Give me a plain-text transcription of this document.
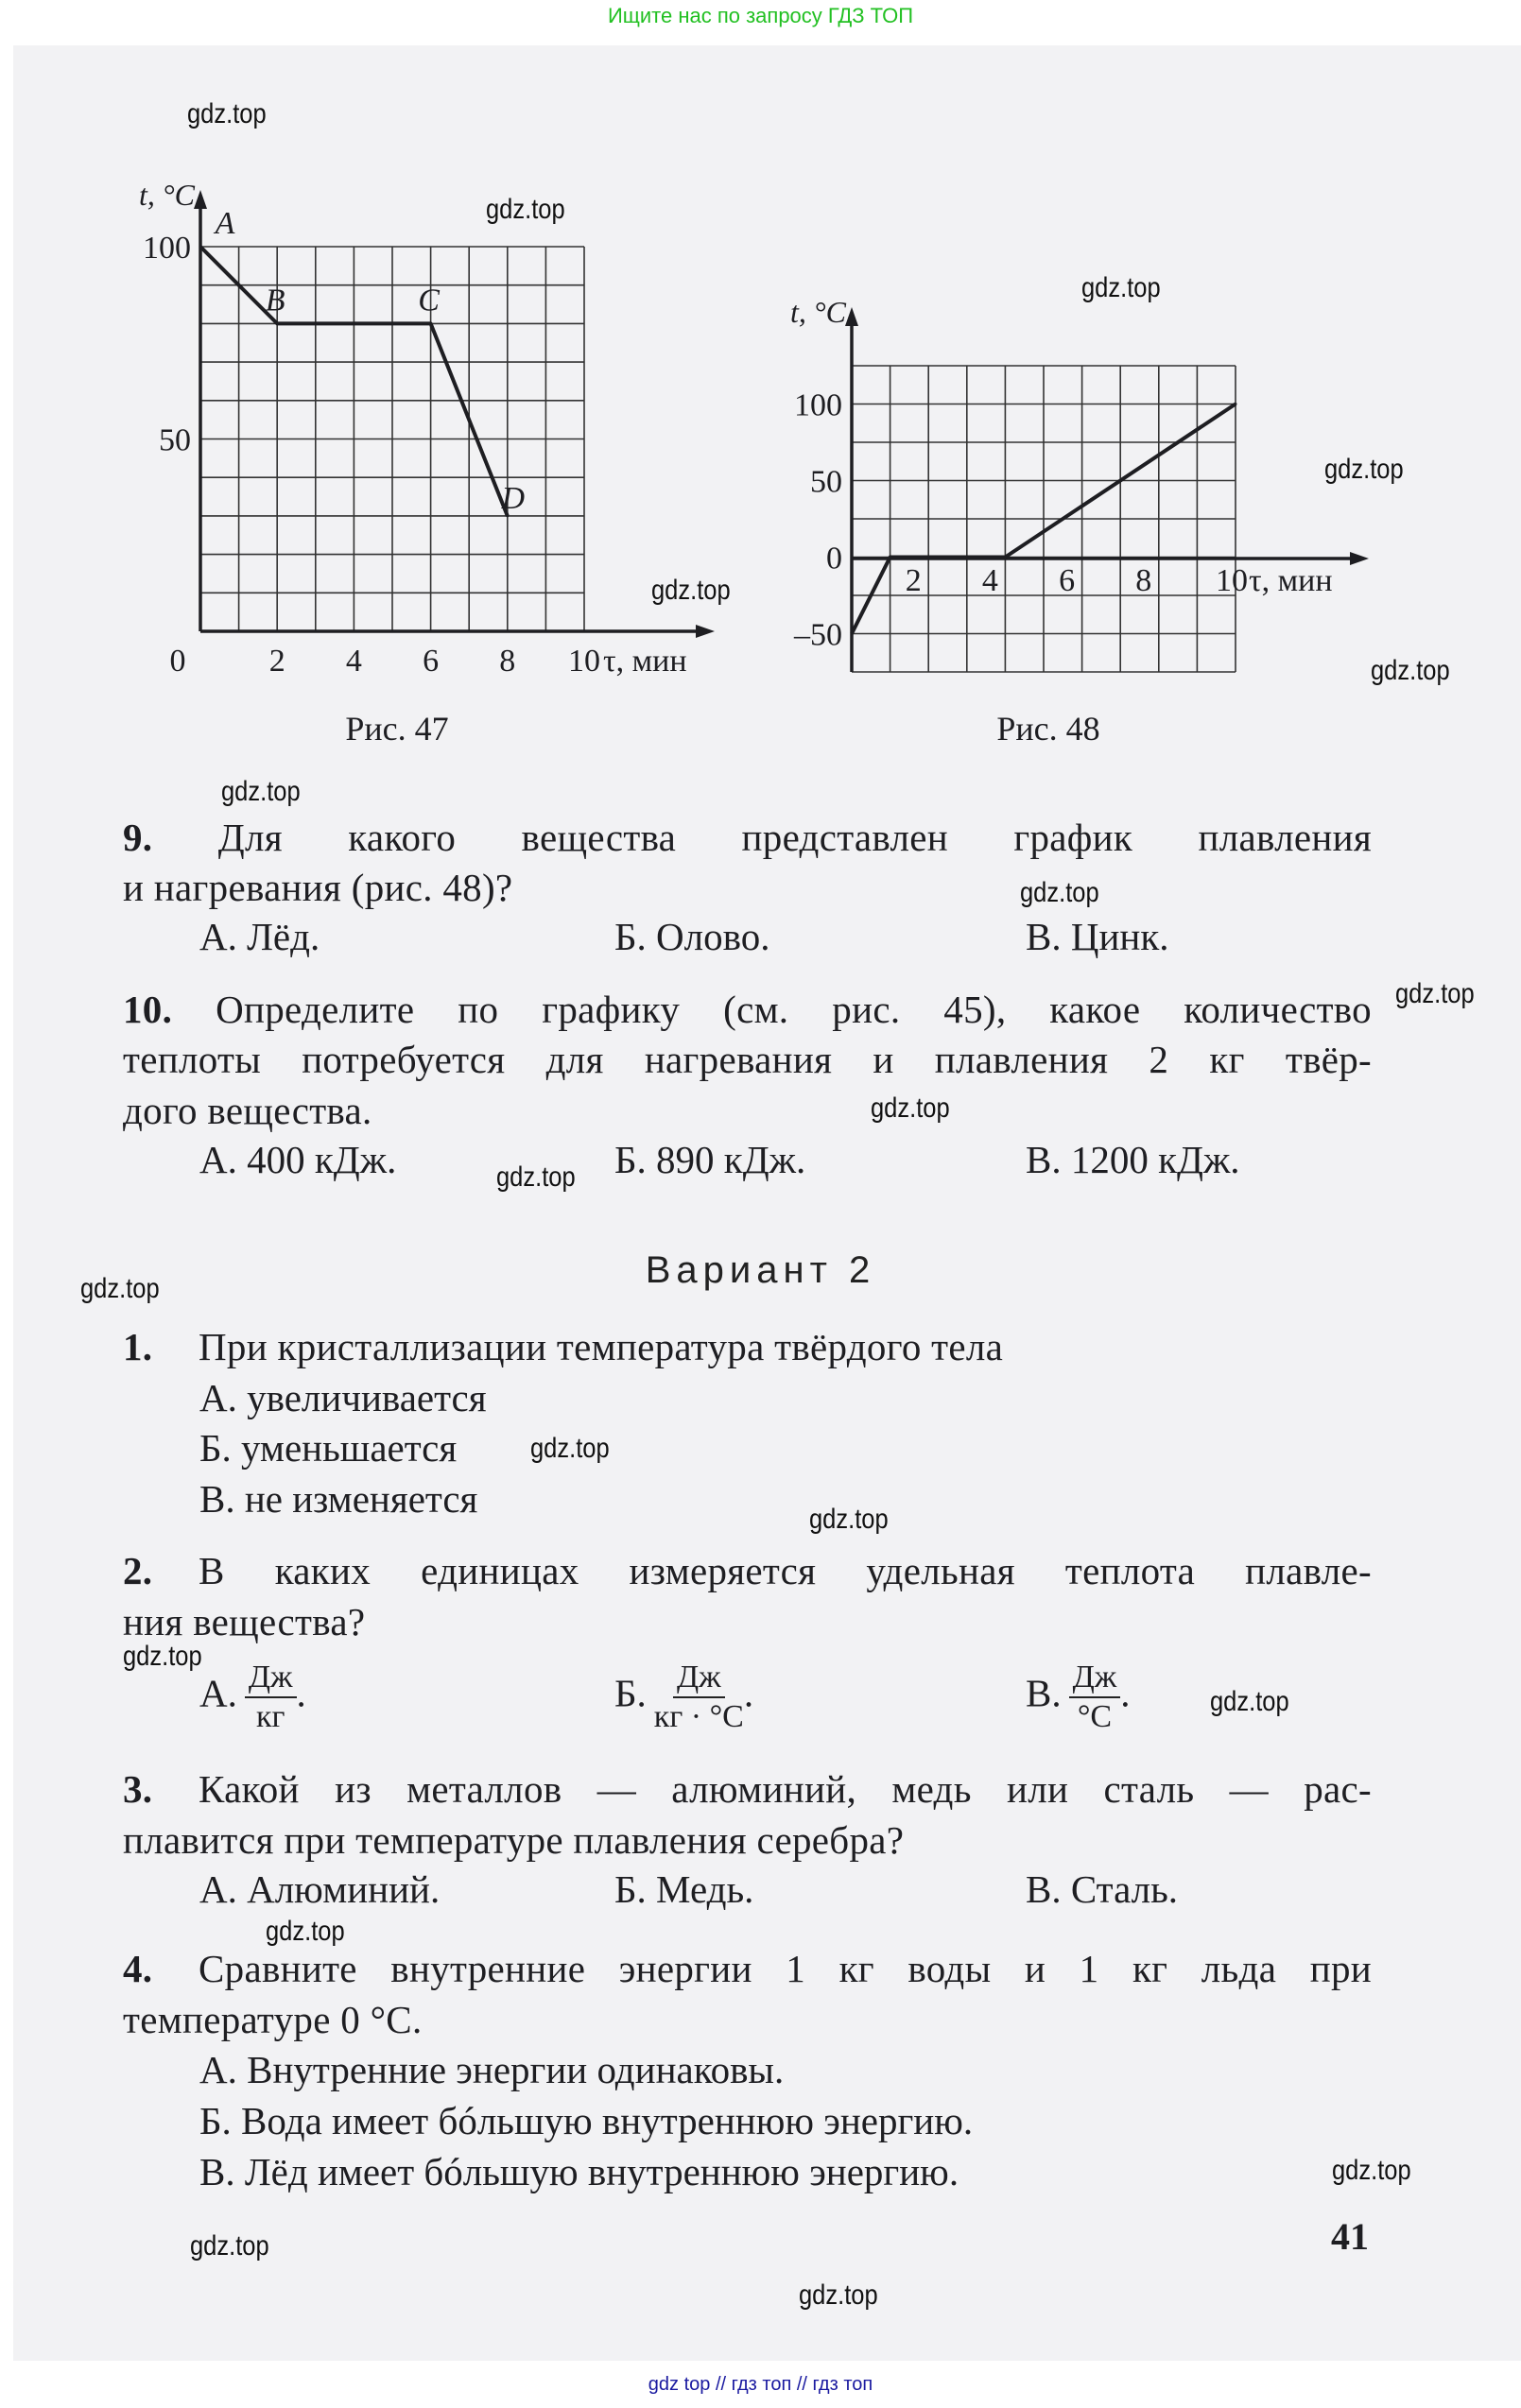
Ищите нас по запросу ГДЗ ТОП
A
B	C
D
t, °C
Рис. 47
0	2 4 6 8 10 τ, мин
100
50
t, °C
Рис. 48
2 4 6 8 10 τ, мин
100
50
0
–50
9. Для какого вещества представлен график плавления
и нагревания (рис. 48)?
А. Лёд.	Б. Олово.	В. Цинк.
10. Определите по графику (см. рис. 45), какое количество
теплоты потребуется для нагревания и плавления 2 кг твёр-
дого вещества.
А. 400 кДж.	Б. 890 кДж.	В. 1200 кДж.
Вариант 2
1. При кристаллизации температура твёрдого тела
А. увеличивается
Б. уменьшается
В. не изменяется
2. В каких единицах измеряется удельная теплота плавле-
ния вещества?
А. $\frac{Дж}{кг}$ .	Б. $\frac{Дж}{кг \cdot ^\circ С}$ .	В. $\frac{Дж}{^\circ С}$ .
3. Какой из металлов — алюминий, медь или сталь — рас-
плавится при температуре плавления серебра?
А. Алюминий.	Б. Медь.	В. Сталь.
4. Сравните внутренние энергии 1 кг воды и 1 кг льда при
температуре 0 °С.
А. Внутренние энергии одинаковы.
Б. Вода имеет бóльшую внутреннюю энергию.
В. Лёд имеет бóльшую внутреннюю энергию.
41
gdz.top
gdz.top
gdz.top
gdz.top
gdz.top
gdz.top
gdz.top
gdz.top
gdz.top
gdz.top
gdz.top
gdz.top
gdz.top
gdz.top
gdz.top
gdz.top
gdz.top
gdz.top
gdz.top
gdz.top
gdz top // гдз топ // гдз топ
